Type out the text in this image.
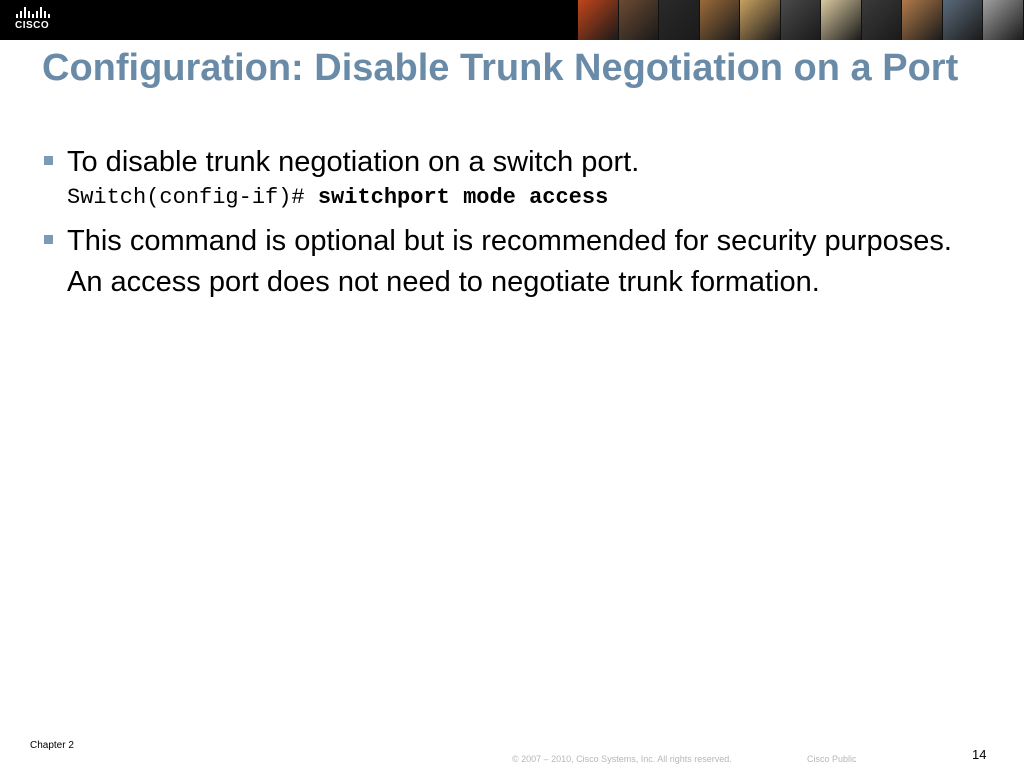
CISCO
Configuration: Disable Trunk Negotiation on a Port
To disable trunk negotiation on a switch port.
Switch(config-if)# switchport mode access
This command is optional but is recommended for security purposes. An access port does not need to negotiate trunk formation.
Chapter 2
© 2007 – 2010, Cisco Systems, Inc. All rights reserved.	Cisco Public	14
